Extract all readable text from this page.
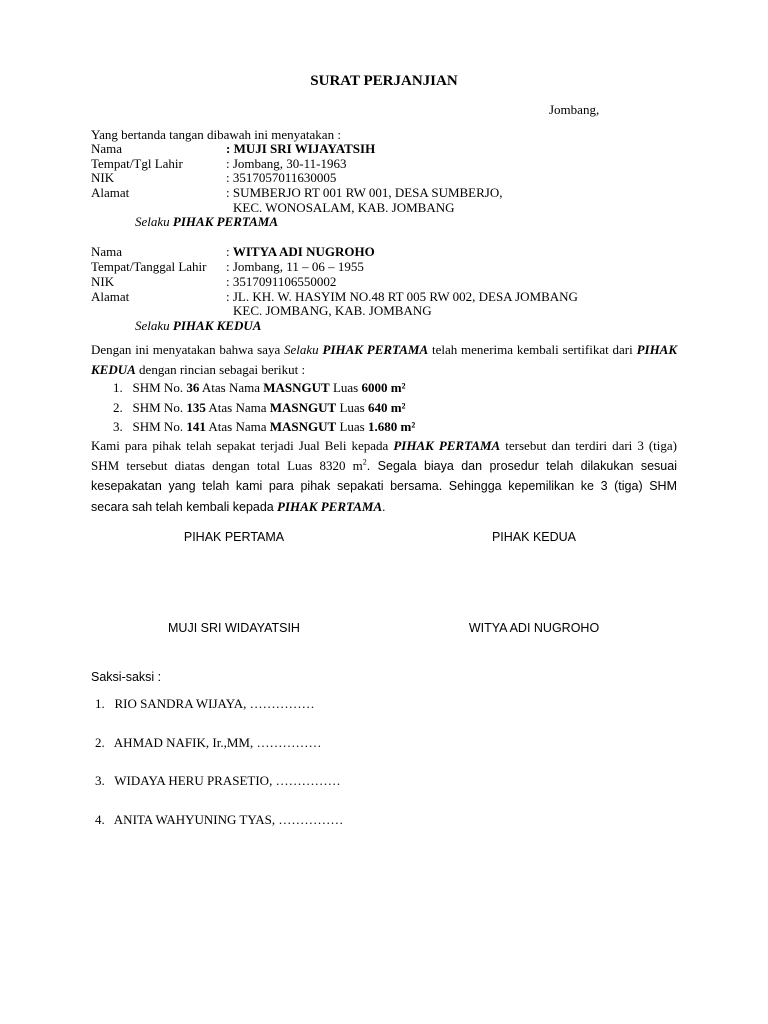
SURAT PERJANJIAN
Jombang,
Yang bertanda tangan dibawah ini menyatakan :
Nama
Tempat/Tgl Lahir
NIK
Alamat
: MUJI SRI WIJAYATSIH
: Jombang, 30-11-1963
: 3517057011630005
: SUMBERJO RT 001 RW 001, DESA SUMBERJO,
KEC. WONOSALAM, KAB. JOMBANG
Selaku PIHAK PERTAMA
Nama
Tempat/Tanggal Lahir
NIK
Alamat
: WITYA ADI NUGROHO
: Jombang, 11 – 06 – 1955
: 3517091106550002
: JL. KH. W. HASYIM NO.48 RT 005 RW 002, DESA JOMBANG
KEC. JOMBANG, KAB. JOMBANG
Selaku PIHAK KEDUA
Dengan ini menyatakan bahwa saya Selaku PIHAK PERTAMA telah menerima kembali sertifikat dari PIHAK KEDUA dengan rincian sebagai berikut :
1. SHM No. 36 Atas Nama MASNGUT Luas 6000 m²
2. SHM No. 135 Atas Nama MASNGUT Luas 640 m²
3. SHM No. 141 Atas Nama MASNGUT Luas 1.680 m²
Kami para pihak telah sepakat terjadi Jual Beli kepada PIHAK PERTAMA tersebut dan terdiri dari 3 (tiga) SHM tersebut diatas dengan total Luas 8320 $m^2$. Segala biaya dan prosedur telah dilakukan sesuai kesepakatan yang telah kami para pihak sepakati bersama. Sehingga kepemilikan ke 3 (tiga) SHM secara sah telah kembali kepada PIHAK PERTAMA.
PIHAK PERTAMA	PIHAK KEDUA
MUJI SRI WIDAYATSIH	WITYA ADI NUGROHO
Saksi-saksi :
1. RIO SANDRA WIJAYA, ……………
2. AHMAD NAFIK, Ir.,MM, ……………
3. WIDAYA HERU PRASETIO, ……………
4. ANITA WAHYUNING TYAS, ……………
